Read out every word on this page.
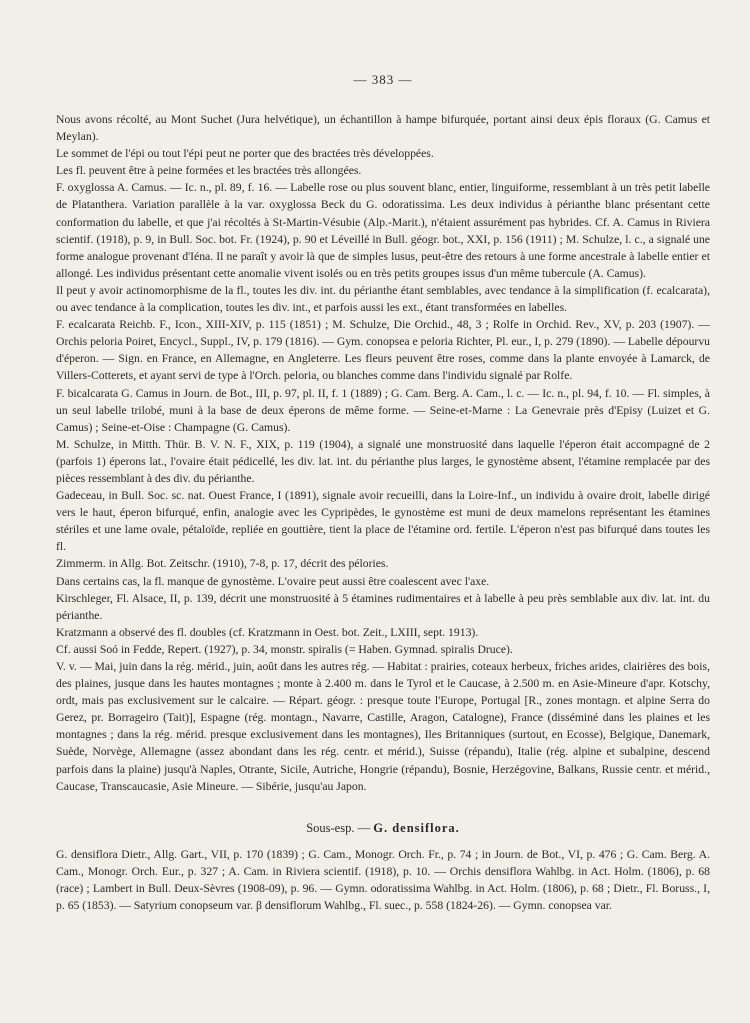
— 383 —

Nous avons récolté, au Mont Suchet (Jura helvétique), un échantillon à hampe bifurquée, portant ainsi deux épis floraux (G. Camus et Meylan).

Le sommet de l'épi ou tout l'épi peut ne porter que des bractées très développées.

Les fl. peuvent être à peine formées et les bractées très allongées.

F. oxyglossa A. Camus. — Ic. n., pl. 89, f. 16. — Labelle rose ou plus souvent blanc, entier, linguiforme, ressemblant à un très petit labelle de Platanthera. Variation parallèle à la var. oxyglossa Beck du G. odoratissima. Les deux individus à périanthe blanc présentant cette conformation du labelle, et que j'ai récoltés à St-Martin-Vésubie (Alp.-Marit.), n'étaient assurément pas hybrides. Cf. A. Camus in Riviera scientif. (1918), p. 9, in Bull. Soc. bot. Fr. (1924), p. 90 et Léveillé in Bull. géogr. bot., XXI, p. 156 (1911) ; M. Schulze, l. c., a signalé une forme analogue provenant d'Iéna. Il ne paraît y avoir là que de simples lusus, peut-être des retours à une forme ancestrale à labelle entier et allongé. Les individus présentant cette anomalie vivent isolés ou en très petits groupes issus d'un même tubercule (A. Camus).

Il peut y avoir actinomorphisme de la fl., toutes les div. int. du périanthe étant semblables, avec tendance à la simplification (f. ecalcarata), ou avec tendance à la complication, toutes les div. int., et parfois aussi les ext., étant transformées en labelles.

F. ecalcarata Reichb. F., Icon., XIII-XIV, p. 115 (1851) ; M. Schulze, Die Orchid., 48, 3 ; Rolfe in Orchid. Rev., XV, p. 203 (1907). — Orchis peloria Poiret, Encycl., Suppl., IV, p. 179 (1816). — Gym. conopsea e peloria Richter, Pl. eur., I, p. 279 (1890). — Labelle dépourvu d'éperon. — Sign. en France, en Allemagne, en Angleterre. Les fleurs peuvent être roses, comme dans la plante envoyée à Lamarck, de Villers-Cotterets, et ayant servi de type à l'Orch. peloria, ou blanches comme dans l'individu signalé par Rolfe.

F. bicalcarata G. Camus in Journ. de Bot., III, p. 97, pl. II, f. 1 (1889) ; G. Cam. Berg. A. Cam., l. c. — Ic. n., pl. 94, f. 10. — Fl. simples, à un seul labelle trilobé, muni à la base de deux éperons de même forme. — Seine-et-Marne : La Genevraie près d'Episy (Luizet et G. Camus) ; Seine-et-Oise : Champagne (G. Camus).

M. Schulze, in Mitth. Thür. B. V. N. F., XIX, p. 119 (1904), a signalé une monstruosité dans laquelle l'éperon était accompagné de 2 (parfois 1) éperons lat., l'ovaire était pédicellé, les div. lat. int. du périanthe plus larges, le gynostème absent, l'étamine remplacée par des pièces ressemblant à des div. du périanthe.

Gadeceau, in Bull. Soc. sc. nat. Ouest France, I (1891), signale avoir recueilli, dans la Loire-Inf., un individu à ovaire droit, labelle dirigé vers le haut, éperon bifurqué, enfin, analogie avec les Cypripèdes, le gynostème est muni de deux mamelons représentant les étamines stériles et une lame ovale, pétaloïde, repliée en gouttière, tient la place de l'étamine ord. fertile. L'éperon n'est pas bifurqué dans toutes les fl.

Zimmerm. in Allg. Bot. Zeitschr. (1910), 7-8, p. 17, décrit des pélories.

Dans certains cas, la fl. manque de gynostème. L'ovaire peut aussi être coalescent avec l'axe.

Kirschleger, Fl. Alsace, II, p. 139, décrit une monstruosité à 5 étamines rudimentaires et à labelle à peu près semblable aux div. lat. int. du périanthe.

Kratzmann a observé des fl. doubles (cf. Kratzmann in Oest. bot. Zeit., LXIII, sept. 1913).

Cf. aussi Soó in Fedde, Repert. (1927), p. 34, monstr. spiralis (= Haben. Gymnad. spiralis Druce).

V. v. — Mai, juin dans la rég. mérid., juin, août dans les autres rég. — Habitat : prairies, coteaux herbeux, friches arides, clairières des bois, des plaines, jusque dans les hautes montagnes ; monte à 2.400 m. dans le Tyrol et le Caucase, à 2.500 m. en Asie-Mineure d'apr. Kotschy, ordt, mais pas exclusivement sur le calcaire. — Répart. géogr. : presque toute l'Europe, Portugal [R., zones montagn. et alpine Serra do Gerez, pr. Borrageiro (Tait)], Espagne (rég. montagn., Navarre, Castille, Aragon, Catalogne), France (disséminé dans les plaines et les montagnes ; dans la rég. mérid. presque exclusivement dans les montagnes), Iles Britanniques (surtout, en Ecosse), Belgique, Danemark, Suède, Norvège, Allemagne (assez abondant dans les rég. centr. et mérid.), Suisse (répandu), Italie (rég. alpine et subalpine, descend parfois dans la plaine) jusqu'à Naples, Otrante, Sicile, Autriche, Hongrie (répandu), Bosnie, Herzégovine, Balkans, Russie centr. et mérid., Caucase, Transcaucasie, Asie Mineure. — Sibérie, jusqu'au Japon.

Sous-esp. — G. densiflora.

G. densiflora Dietr., Allg. Gart., VII, p. 170 (1839) ; G. Cam., Monogr. Orch. Fr., p. 74 ; in Journ. de Bot., VI, p. 476 ; G. Cam. Berg. A. Cam., Monogr. Orch. Eur., p. 327 ; A. Cam. in Riviera scientif. (1918), p. 10. — Orchis densiflora Wahlbg. in Act. Holm. (1806), p. 68 (race) ; Lambert in Bull. Deux-Sèvres (1908-09), p. 96. — Gymn. odoratissima Wahlbg. in Act. Holm. (1806), p. 68 ; Dietr., Fl. Boruss., I, p. 65 (1853). — Satyrium conopseum var. β densiflorum Wahlbg., Fl. suec., p. 558 (1824-26). — Gymn. conopsea var.
